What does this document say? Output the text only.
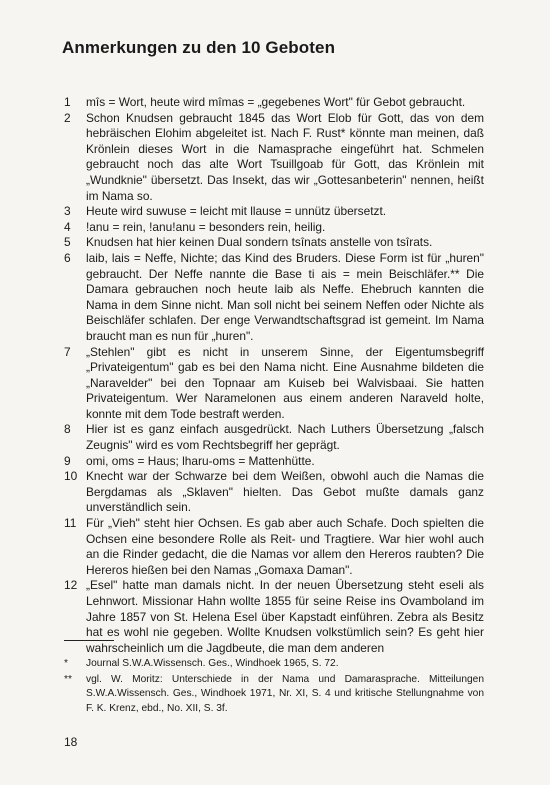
Anmerkungen zu den 10 Geboten
1	mîs = Wort, heute wird mîmas = „gegebenes Wort" für Gebot gebraucht.
2	Schon Knudsen gebraucht 1845 das Wort Elob für Gott, das von dem hebräischen Elohim abgeleitet ist. Nach F. Rust* könnte man meinen, daß Krönlein dieses Wort in die Namasprache eingeführt hat. Schmelen gebraucht noch das alte Wort Tsuillgoab für Gott, das Krönlein mit „Wundknie" übersetzt. Das Insekt, das wir „Gottesanbeterin" nennen, heißt im Nama so.
3	Heute wird suwuse = leicht mit llause = unnütz übersetzt.
4	!anu = rein, !anu!anu = besonders rein, heilig.
5	Knudsen hat hier keinen Dual sondern tsînats anstelle von tsîrats.
6	laib, lais = Neffe, Nichte; das Kind des Bruders. Diese Form ist für „huren" gebraucht. Der Neffe nannte die Base ti ais = mein Beischläfer.** Die Damara gebrauchen noch heute laib als Neffe. Ehebruch kannten die Nama in dem Sinne nicht. Man soll nicht bei seinem Neffen oder Nichte als Beischläfer schlafen. Der enge Verwandtschaftsgrad ist gemeint. Im Nama braucht man es nun für „huren".
7	„Stehlen" gibt es nicht in unserem Sinne, der Eigentumsbegriff „Privateigentum" gab es bei den Nama nicht. Eine Ausnahme bildeten die „Naravelder" bei den Topnaar am Kuiseb bei Walvisbaai. Sie hatten Privateigentum. Wer Naramelonen aus einem anderen Naraveld holte, konnte mit dem Tode bestraft werden.
8	Hier ist es ganz einfach ausgedrückt. Nach Luthers Übersetzung „falsch Zeugnis" wird es vom Rechtsbegriff her geprägt.
9	omi, oms = Haus; lharu-oms = Mattenhütte.
10 Knecht war der Schwarze bei dem Weißen, obwohl auch die Namas die Bergdamas als „Sklaven" hielten. Das Gebot mußte damals ganz unverständlich sein.
11 Für „Vieh" steht hier Ochsen. Es gab aber auch Schafe. Doch spielten die Ochsen eine besondere Rolle als Reit- und Tragtiere. War hier wohl auch an die Rinder gedacht, die die Namas vor allem den Hereros raubten? Die Hereros hießen bei den Namas „Gomaxa Daman".
12 „Esel" hatte man damals nicht. In der neuen Übersetzung steht eseli als Lehnwort. Missionar Hahn wollte 1855 für seine Reise ins Ovamboland im Jahre 1857 von St. Helena Esel über Kapstadt einführen. Zebra als Besitz hat es wohl nie gegeben. Wollte Knudsen volkstümlich sein? Es geht hier wahrscheinlich um die Jagdbeute, die man dem anderen
*	Journal S.W.A.Wissensch. Ges., Windhoek 1965, S. 72.
**	vgl. W. Moritz: Unterschiede in der Nama und Damarasprache. Mitteilungen S.W.A.Wissensch. Ges., Windhoek 1971, Nr. XI, S. 4 und kritische Stellungnahme von F. K. Krenz, ebd., No. XII, S. 3f.
18
